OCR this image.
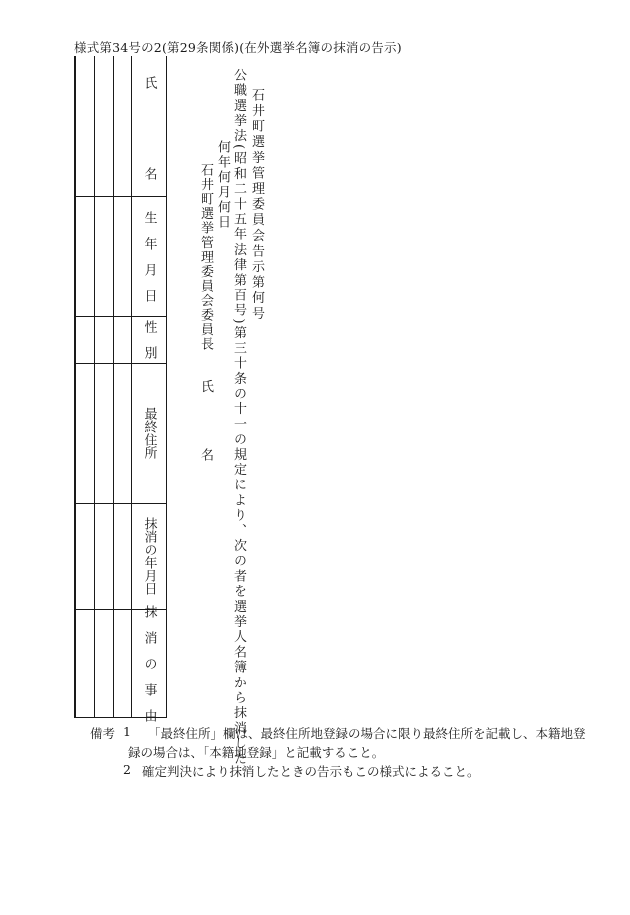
様式第34号の2(第29条関係)(在外選挙名簿の抹消の告示)
石井町選挙管理委員会告示第何号
公職選挙法(昭和二十五年法律第百号)第三十条の十一の規定により、次の者を選挙人名簿から抹消した。
何年何月何日
石井町選挙管理委員会委員長氏名
氏　　　　　　名
生　年　月　日
性　別
最終住所
抹消の年月日
抹　消　の　事　由
備考 1 「最終住所」欄は、最終住所地登録の場合に限り最終住所を記載し、本籍地登
録の場合は、「本籍地登録」と記載すること。
2 確定判決により抹消したときの告示もこの様式によること。
